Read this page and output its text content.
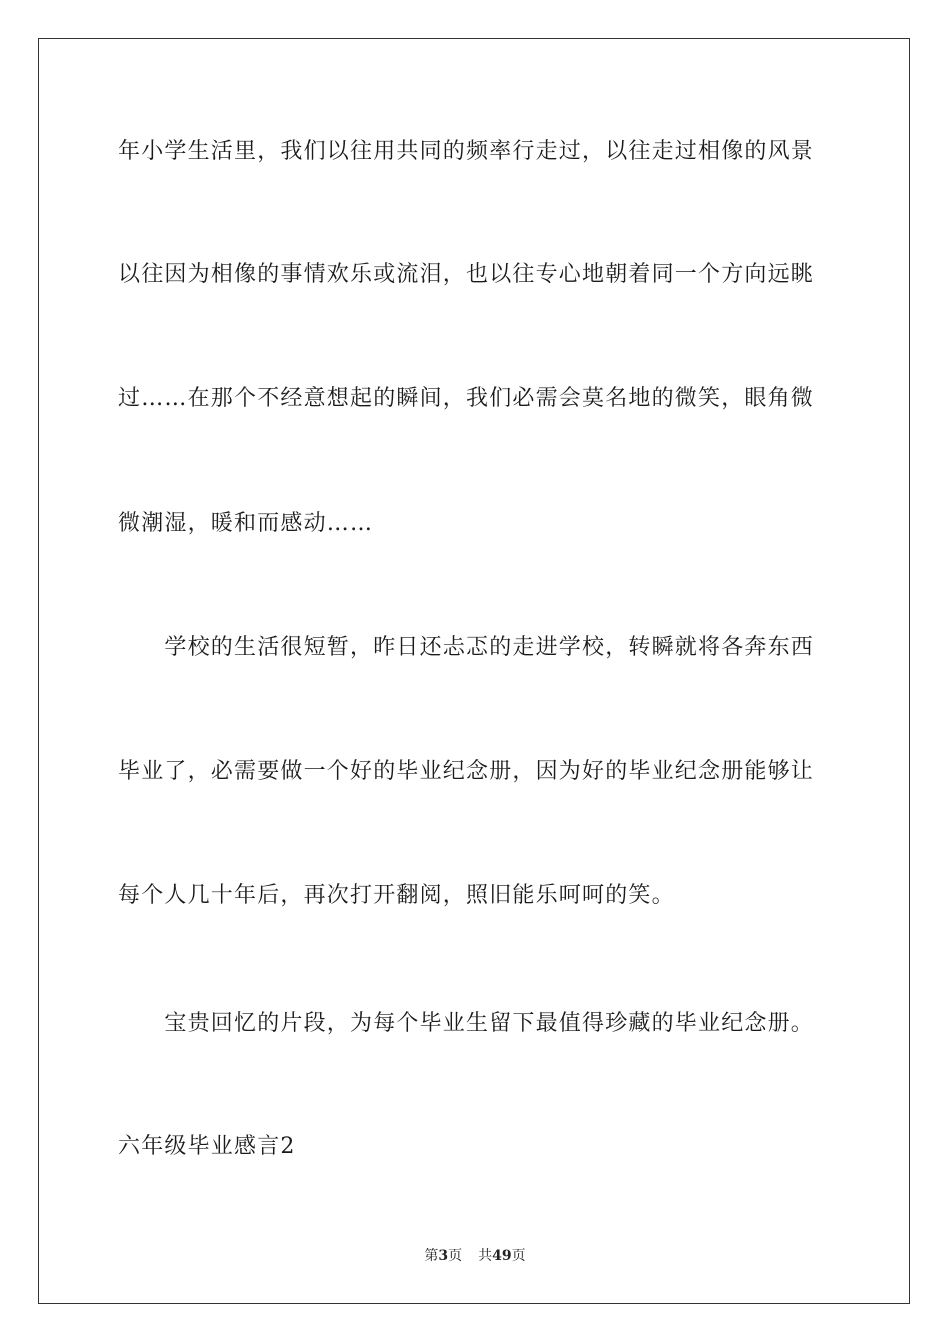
年小学生活里，我们以往用共同的频率行走过，以往走过相像的风景
以往因为相像的事情欢乐或流泪，也以往专心地朝着同一个方向远眺
过……在那个不经意想起的瞬间，我们必需会莫名地的微笑，眼角微
微潮湿，暖和而感动……
　　学校的生活很短暂，昨日还忐忑的走进学校，转瞬就将各奔东西
毕业了，必需要做一个好的毕业纪念册，因为好的毕业纪念册能够让
每个人几十年后，再次打开翻阅，照旧能乐呵呵的笑。
　　宝贵回忆的片段，为每个毕业生留下最值得珍藏的毕业纪念册。
六年级毕业感言2
第3页 共49页
